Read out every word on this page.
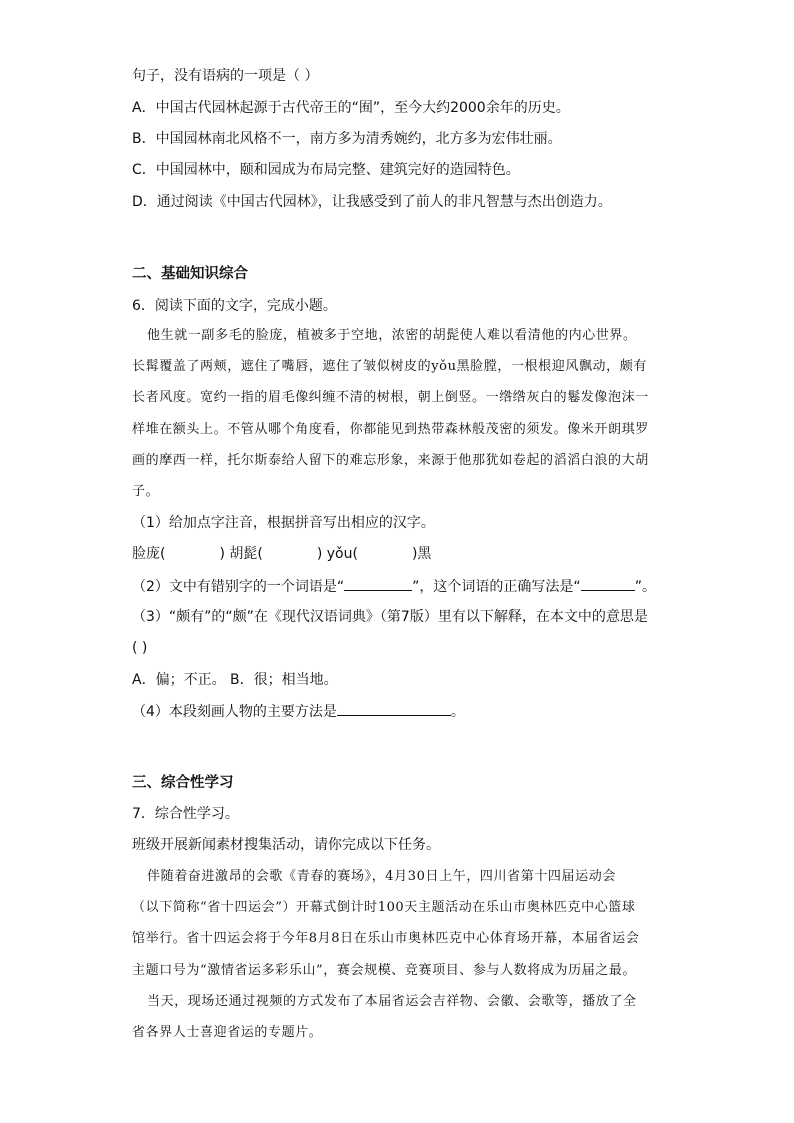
句子，没有语病的一项是（ ）
A．中国古代园林起源于古代帝王的“囿”，至今大约2000余年的历史。
B．中国园林南北风格不一，南方多为清秀婉约，北方多为宏伟壮丽。
C．中国园林中，颐和园成为布局完整、建筑完好的造园特色。
D．通过阅读《中国古代园林》，让我感受到了前人的非凡智慧与杰出创造力。
二、基础知识综合
6．阅读下面的文字，完成小题。
他生就一副多毛的脸庞，植被多于空地，浓密的胡髭使人难以看清他的内心世界。
长髯覆盖了两颊，遮住了嘴唇，遮住了皱似树皮的yǒu黑脸膛，一根根迎风飘动，颇有
长者风度。宽约一指的眉毛像纠缠不清的树根，朝上倒竖。一绺绺灰白的鬈发像泡沫一
样堆在额头上。不管从哪个角度看，你都能见到热带森林般茂密的须发。像米开朗琪罗
画的摩西一样，托尔斯泰给人留下的难忘形象，来源于他那犹如卷起的滔滔白浪的大胡
子。
（1）给加点字注音，根据拼音写出相应的汉字。
脸庞(	) 胡髭(	) yǒu(	)黑
（2）文中有错别字的一个词语是“	”，这个词语的正确写法是“	”。
（3）“颇有”的“颇”在《现代汉语词典》（第7版）里有以下解释，在本文中的意思是
( )
A．偏；不正。 B．很；相当地。
（4）本段刻画人物的主要方法是	。
三、综合性学习
7．综合性学习。
班级开展新闻素材搜集活动，请你完成以下任务。
伴随着奋进激昂的会歌《青春的赛场》，4月30日上午，四川省第十四届运动会
（以下简称“省十四运会”）开幕式倒计时100天主题活动在乐山市奥林匹克中心篮球
馆举行。省十四运会将于今年8月8日在乐山市奥林匹克中心体育场开幕，本届省运会
主题口号为“激情省运多彩乐山”，赛会规模、竞赛项目、参与人数将成为历届之最。
当天，现场还通过视频的方式发布了本届省运会吉祥物、会徽、会歌等，播放了全
省各界人士喜迎省运的专题片。
